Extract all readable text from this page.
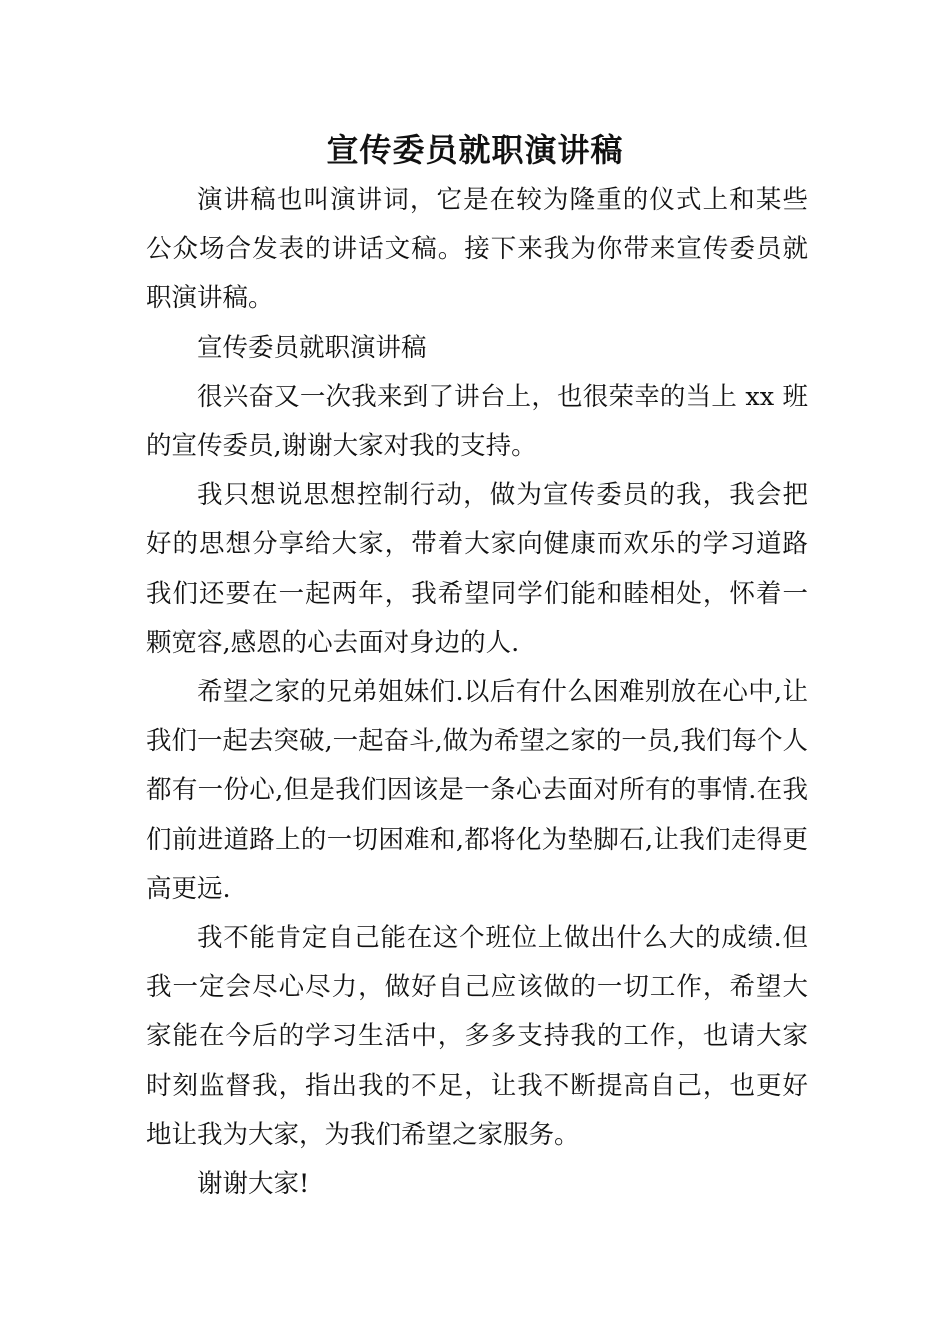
宣传委员就职演讲稿

演讲稿也叫演讲词，它是在较为隆重的仪式上和某些公众场合发表的讲话文稿。接下来我为你带来宣传委员就职演讲稿。

宣传委员就职演讲稿

很兴奋又一次我来到了讲台上，也很荣幸的当上 xx 班的宣传委员,谢谢大家对我的支持。

我只想说思想控制行动，做为宣传委员的我，我会把好的思想分享给大家，带着大家向健康而欢乐的学习道路我们还要在一起两年，我希望同学们能和睦相处，怀着一颗宽容,感恩的心去面对身边的人.

希望之家的兄弟姐妹们.以后有什么困难别放在心中,让我们一起去突破,一起奋斗,做为希望之家的一员,我们每个人都有一份心,但是我们因该是一条心去面对所有的事情.在我们前进道路上的一切困难和,都将化为垫脚石,让我们走得更高更远.

我不能肯定自己能在这个班位上做出什么大的成绩.但我一定会尽心尽力，做好自己应该做的一切工作，希望大家能在今后的学习生活中，多多支持我的工作，也请大家时刻监督我，指出我的不足，让我不断提高自己，也更好地让我为大家，为我们希望之家服务。

谢谢大家!
